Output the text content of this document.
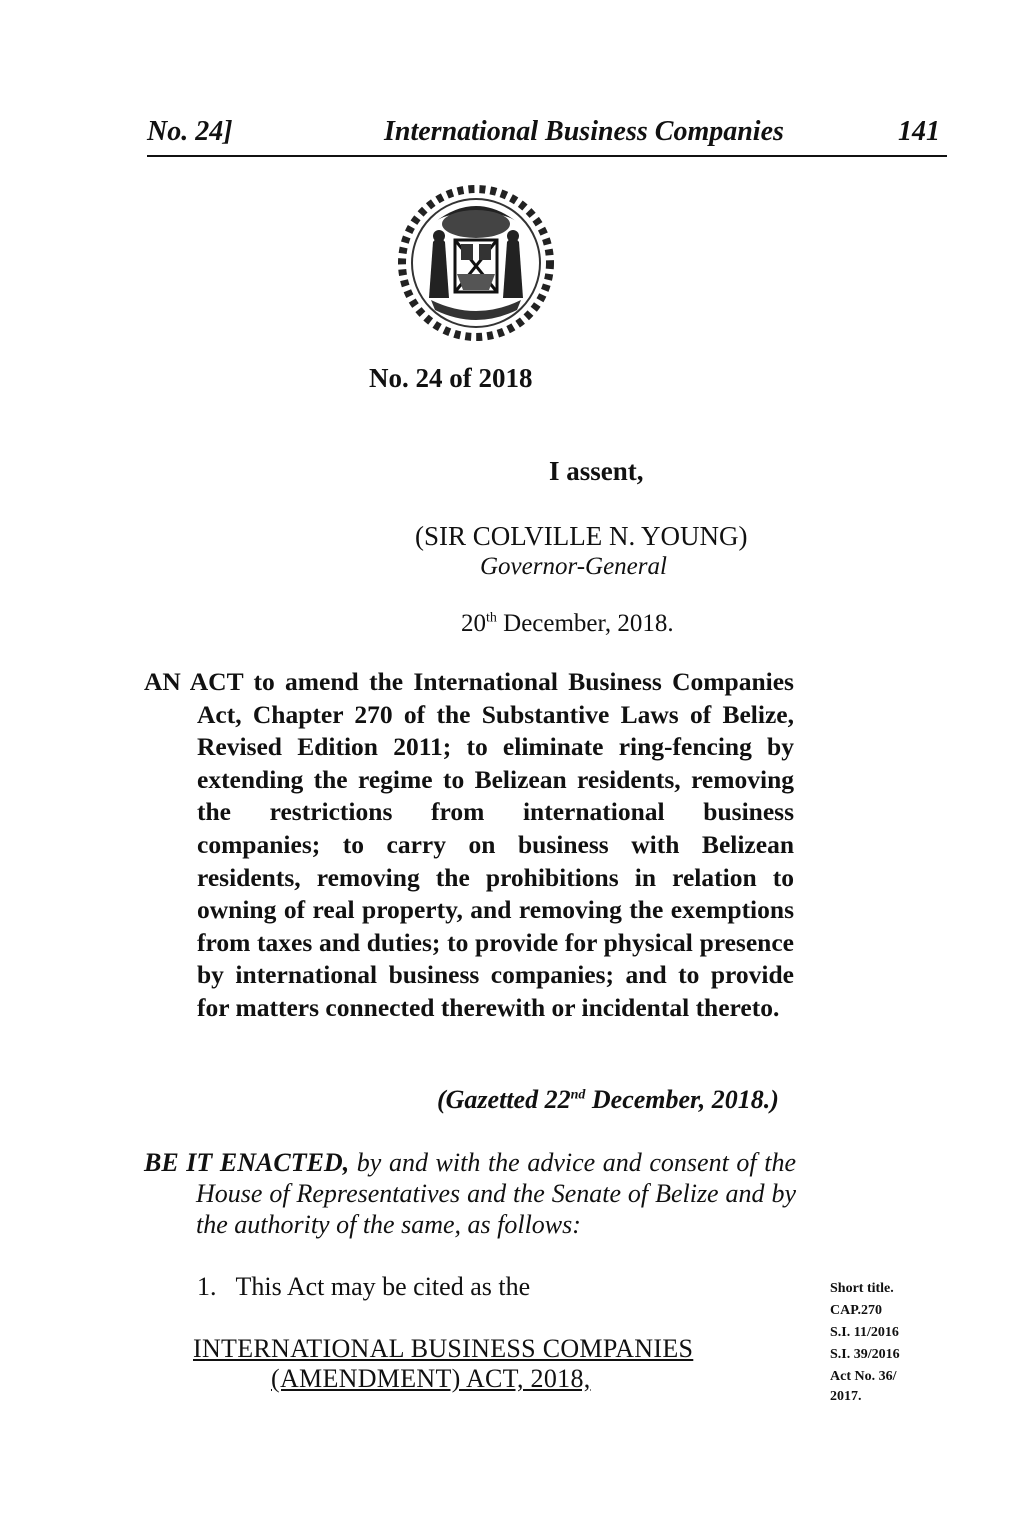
No. 24]	International Business Companies	141
No. 24 of 2018
I assent,
(SIR COLVILLE N. YOUNG)
Governor-General
20th December, 2018.
AN ACT to amend the International Business Companies Act, Chapter 270 of the Substantive Laws of Belize, Revised Edition 2011; to eliminate ring-fencing by extending the regime to Belizean residents, removing the restrictions from international business companies; to carry on business with Belizean residents, removing the prohibitions in relation to owning of real property, and removing the exemptions from taxes and duties; to provide for physical presence by international business companies; and to provide for matters connected therewith or incidental thereto.
(Gazetted 22nd December, 2018.)
BE IT ENACTED, by and with the advice and consent of the House of Representatives and the Senate of Belize and by the authority of the same, as follows:
1.   This Act may be cited as the
INTERNATIONAL BUSINESS COMPANIES
(AMENDMENT) ACT, 2018,
Short title.
CAP.270
S.I. 11/2016
S.I. 39/2016
Act No. 36/
2017.
